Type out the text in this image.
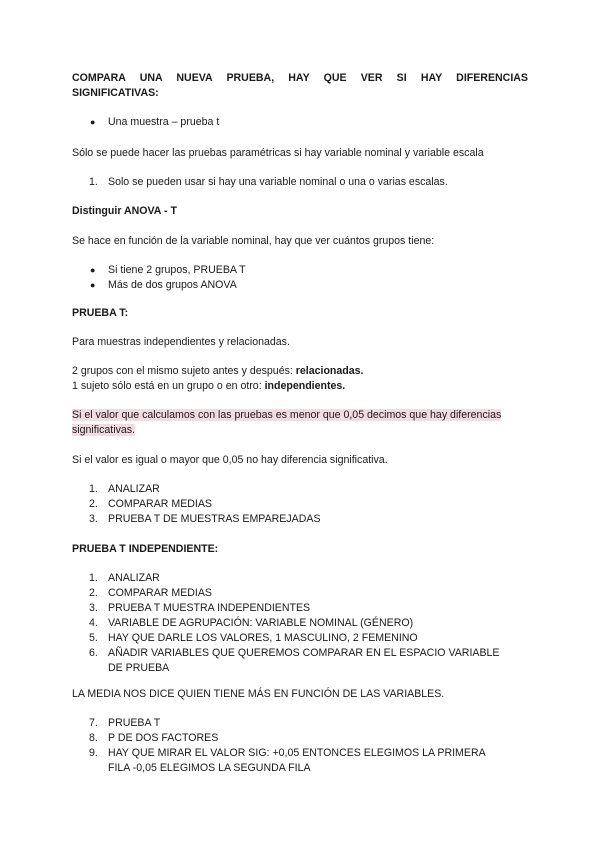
COMPARA UNA NUEVA PRUEBA, HAY QUE VER SI HAY DIFERENCIAS
SIGNIFICATIVAS:
●	Una muestra – prueba t
Sólo se puede hacer las pruebas paramétricas si hay variable nominal y variable escala
1. Solo se pueden usar si hay una variable nominal o una o varias escalas.
Distinguir ANOVA - T
Se hace en función de la variable nominal, hay que ver cuántos grupos tiene:
●	Si tiene 2 grupos, PRUEBA T
●	Más de dos grupos ANOVA
PRUEBA T:
Para muestras independientes y relacionadas.
2 grupos con el mismo sujeto antes y después: relacionadas.
1 sujeto sólo está en un grupo o en otro: independientes.
Si el valor que calculamos con las pruebas es menor que 0,05 decimos que hay diferencias
significativas.
Si el valor es igual o mayor que 0,05 no hay diferencia significativa.
1. ANALIZAR
2. COMPARAR MEDIAS
3. PRUEBA T DE MUESTRAS EMPAREJADAS
PRUEBA T INDEPENDIENTE:
1. ANALIZAR
2. COMPARAR MEDIAS
3. PRUEBA T MUESTRA INDEPENDIENTES
4. VARIABLE DE AGRUPACIÓN: VARIABLE NOMINAL (GÉNERO)
5. HAY QUE DARLE LOS VALORES, 1 MASCULINO, 2 FEMENINO
6. AÑADIR VARIABLES QUE QUEREMOS COMPARAR EN EL ESPACIO VARIABLE
DE PRUEBA
LA MEDIA NOS DICE QUIEN TIENE MÁS EN FUNCIÓN DE LAS VARIABLES.
7. PRUEBA T
8. P DE DOS FACTORES
9. HAY QUE MIRAR EL VALOR SIG: +0,05 ENTONCES ELEGIMOS LA PRIMERA
FILA -0,05 ELEGIMOS LA SEGUNDA FILA
